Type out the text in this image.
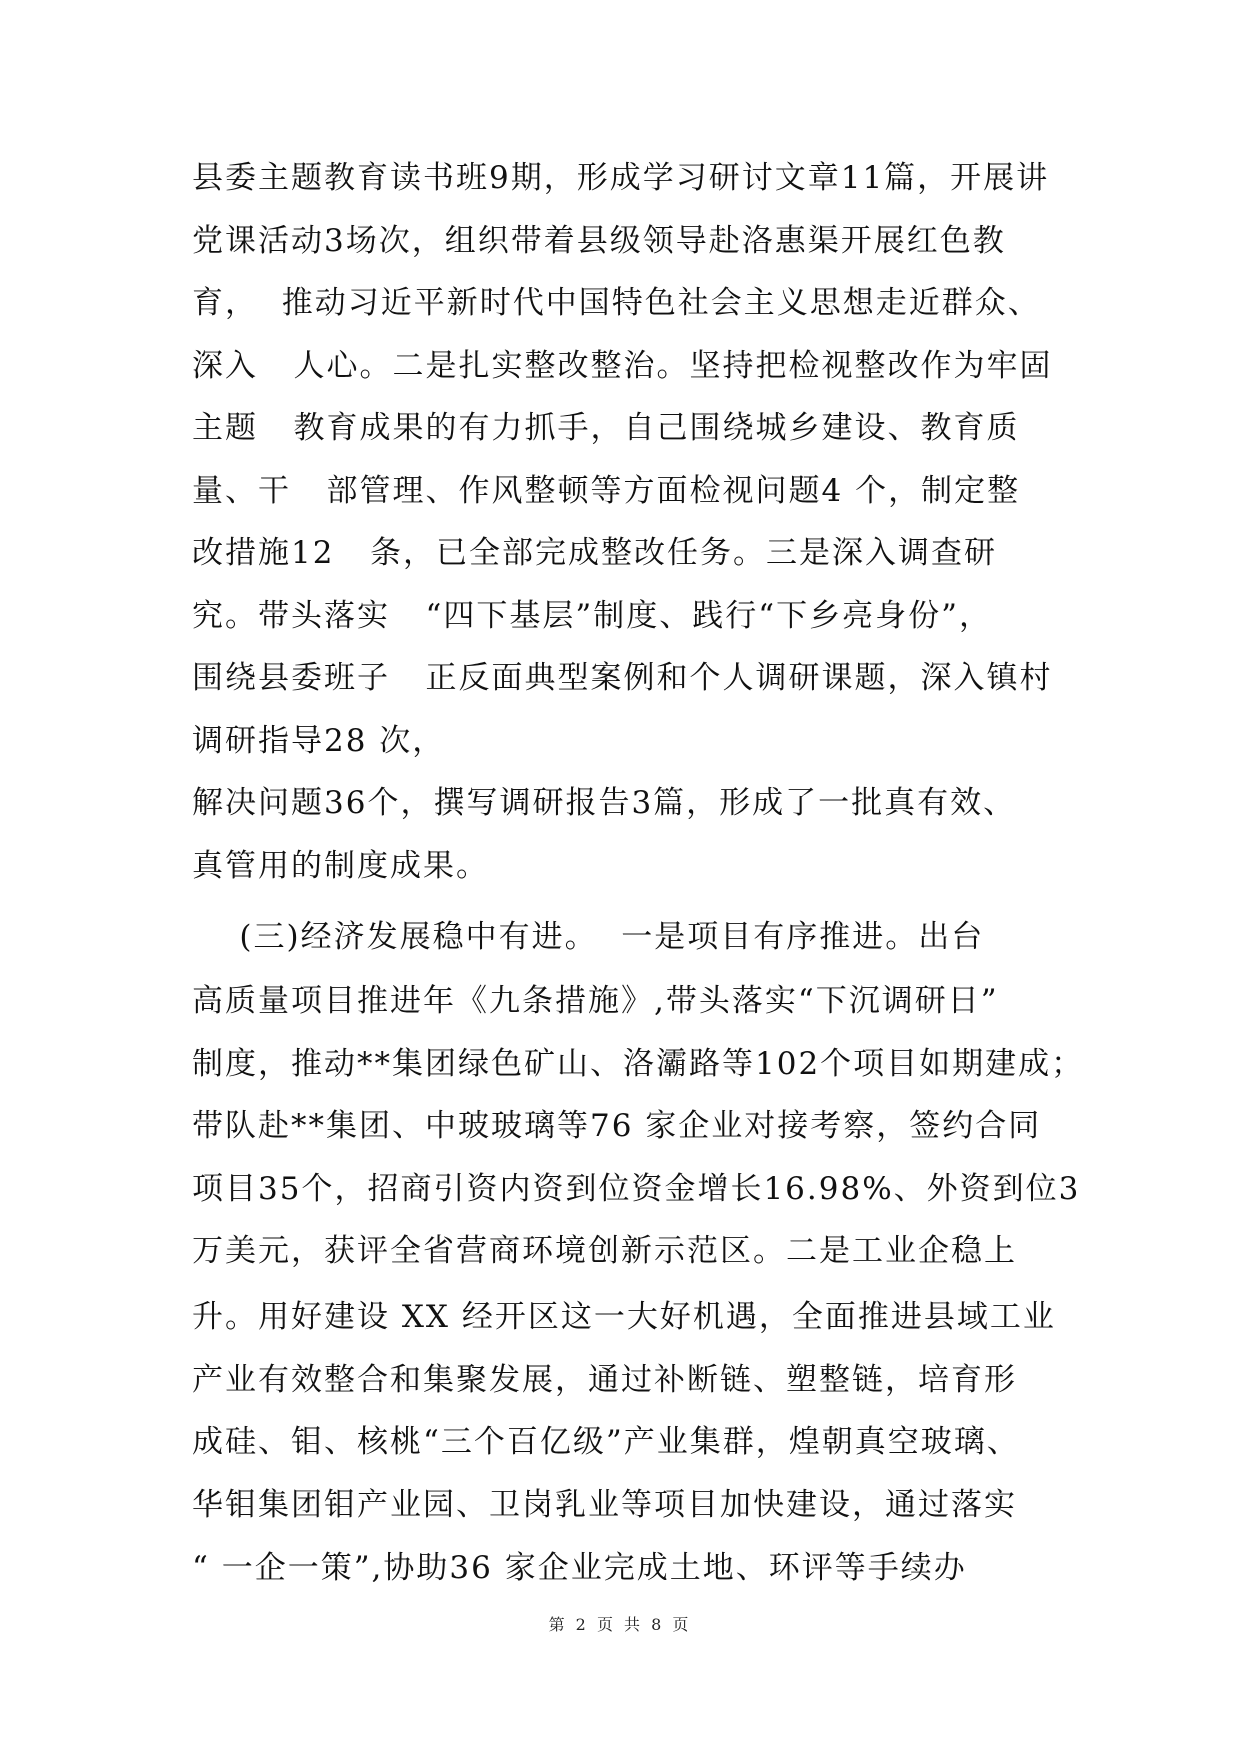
县委主题教育读书班9期，形成学习研讨文章11篇，开展讲
党课活动3场次，组织带着县级领导赴洛惠渠开展红色教
育，  推动习近平新时代中国特色社会主义思想走近群众、
深入   人心。二是扎实整改整治。坚持把检视整改作为牢固
主题   教育成果的有力抓手，自己围绕城乡建设、教育质
量、干   部管理、作风整顿等方面检视问题4 个，制定整
改措施12   条，已全部完成整改任务。三是深入调查研
究。带头落实   “四下基层”制度、践行“下乡亮身份”，
围绕县委班子   正反面典型案例和个人调研课题，深入镇村
调研指导28 次，
解决问题36个，撰写调研报告3篇，形成了一批真有效、
真管用的制度成果。
(三)经济发展稳中有进。  一是项目有序推进。出台
高质量项目推进年《九条措施》,带头落实“下沉调研日”
制度，推动**集团绿色矿山、洛灞路等102个项目如期建成；
带队赴**集团、中玻玻璃等76 家企业对接考察，签约合同
项目35个，招商引资内资到位资金增长16.98%、外资到位3
万美元，获评全省营商环境创新示范区。二是工业企稳上
升。用好建设 XX 经开区这一大好机遇，全面推进县域工业
产业有效整合和集聚发展，通过补断链、塑整链，培育形
成硅、钼、核桃“三个百亿级”产业集群，煌朝真空玻璃、
华钼集团钼产业园、卫岗乳业等项目加快建设，通过落实
“ 一企一策”,协助36 家企业完成土地、环评等手续办
第 2 页 共 8 页
